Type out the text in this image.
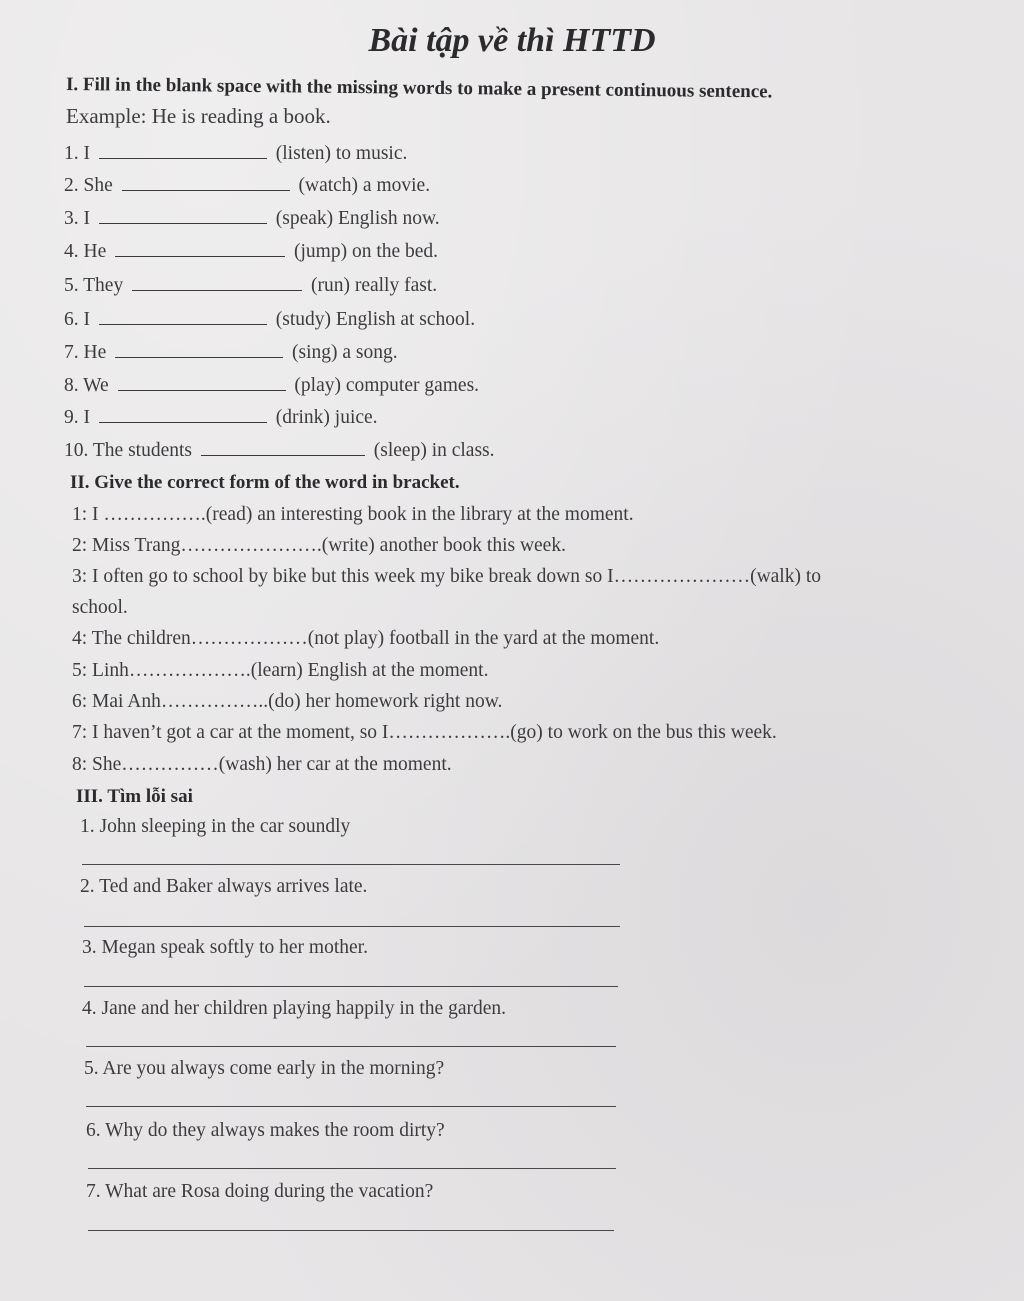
Bài tập về thì HTTD
I. Fill in the blank space with the missing words to make a present continuous sentence.
Example: He is reading a book.
1. I	(listen) to music.
2. She	(watch) a movie.
3. I	(speak) English now.
4. He	(jump) on the bed.
5. They	(run) really fast.
6. I	(study) English at school.
7. He	(sing) a song.
8. We	(play) computer games.
9. I	(drink) juice.
10. The students	(sleep) in class.
II. Give the correct form of the word in bracket.
1: I …………….(read) an interesting book in the library at the moment.
2: Miss Trang………………….(write) another book this week.
3: I often go to school by bike but this week my bike break down so I…………………(walk) to
school.
4: The children………………(not play) football in the yard at the moment.
5: Linh……………….(learn) English at the moment.
6: Mai Anh……………..(do) her homework right now.
7: I haven’t got a car at the moment, so I……………….(go) to work on the bus this week.
8: She……………(wash) her car at the moment.
III. Tìm lỗi sai
1. John sleeping in the car soundly
2. Ted and Baker always arrives late.
3. Megan speak softly to her mother.
4. Jane and her children playing happily in the garden.
5. Are you always come early in the morning?
6. Why do they always makes the room dirty?
7. What are Rosa doing during the vacation?
